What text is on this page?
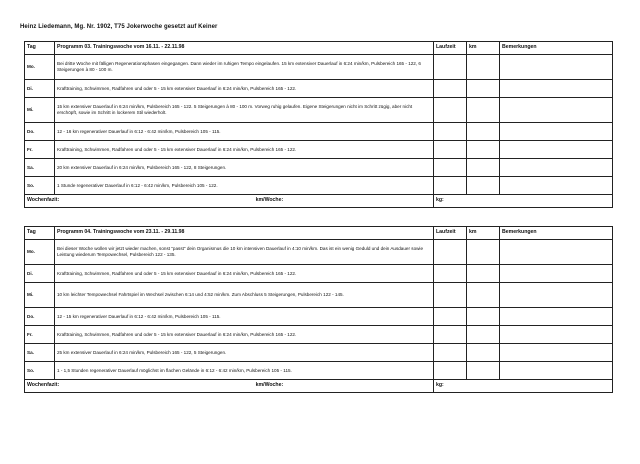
Heinz Liedemann, Mg. Nr. 1902, T75 Jokerwoche gesetzt auf Keiner
Tag	Programm 03. Trainingswoche vom 16.11. - 22.11.98	Laufzeit	km	Bemerkungen
Mo.	Bei dritte Woche mit fälligen Regenerationsphasen eingegangen. Dann wieder im ruhigen Tempo eingelaufen. 15 km extensiver Dauerlauf in 6:24 min/km, Pulsbereich 165 - 122, 6 Steigerungen à 80 - 100 m.			
Di.	Krafttraining, Schwimmen, Radfahren und oder 5 - 15 km extensiver Dauerlauf in 6:24 min/km, Pulsbereich 165 - 122.			
Mi.	15 km extensiver Dauerlauf in 6:24 min/km, Pulsbereich 165 - 122. 5 Steigerungen à 80 - 100 m. Vorweg ruhig gelaufen. Eigene Steigerungen nicht im Schritt zügig, aber nicht erschöpft, sowie im Schritt in lockerem Stil wiederholt.			
Do.	12 - 16 km regenerativer Dauerlauf in 6:12 - 6:42 min/km, Pulsbereich 105 - 115.			
Fr.	Krafttraining, Schwimmen, Radfahren und oder 5 - 15 km extensiver Dauerlauf in 6:24 min/km, Pulsbereich 165 - 122.			
Sa.	20 km extensiver Dauerlauf in 6:24 min/km, Pulsbereich 165 - 122, 8 Steigerungen.			
So.	1 Stunde regenerativer Dauerlauf in 6:12 - 6:42 min/km, Pulsbereich 105 - 122.			
Wochenfazit: km/Woche:		kg:		
Tag	Programm 04. Trainingswoche vom 23.11. - 29.11.98	Laufzeit	km	Bemerkungen
Mo.	Bei dieser Woche wollen wir jetzt wieder machen, sonst "passt" dein Organismus die 10 km intensiven Dauerlauf in 4:10 min/km. Das ist ein wenig Geduld und dein Ausdauer sowie Leistung wiederum Tempowechsel, Pulsbereich 122 - 135.			
Di.	Krafttraining, Schwimmen, Radfahren und oder 5 - 15 km extensiver Dauerlauf in 6:24 min/km, Pulsbereich 165 - 122.			
Mi.	10 km leichter Tempowechsel Fahrtspiel im Wechsel zwischen 6:14 und 4:52 min/km. Zum Abschluss 5 Steigerungen, Pulsbereich 122 - 145.			
Do.	12 - 15 km regenerativer Dauerlauf in 6:12 - 6:42 min/km, Pulsbereich 105 - 115.			
Fr.	Krafttraining, Schwimmen, Radfahren und oder 5 - 15 km extensiver Dauerlauf in 6:24 min/km, Pulsbereich 165 - 122.			
Sa.	25 km extensiver Dauerlauf in 6:24 min/km, Pulsbereich 165 - 122, 5 Steigerungen.			
So.	1 - 1,5 Stunden regenerativer Dauerlauf möglichst im flachen Gelände in 6:12 - 6:42 min/km, Pulsbereich 105 - 115.			
Wochenfazit: km/Woche:		kg:		
